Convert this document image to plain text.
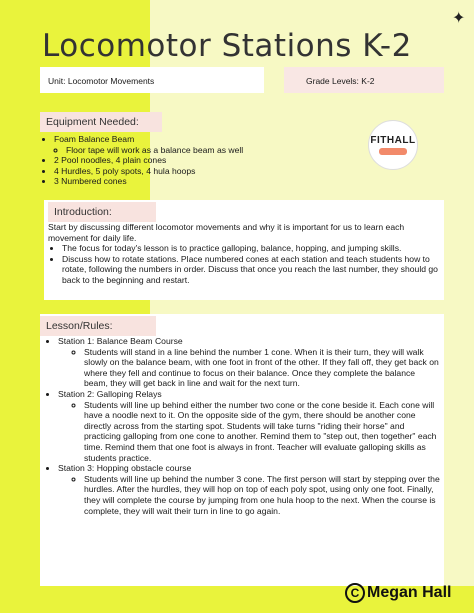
✦
Locomotor Stations K-2
Unit: Locomotor Movements	Grade Levels: K-2
Equipment Needed:
• Foam Balance Beam
◦ Floor tape will work as a balance beam as well
• 2 Pool noodles, 4 plain cones
• 4 Hurdles, 5 poly spots, 4 hula hoops
• 3 Numbered cones
FITHALL
Introduction:

Start by discussing different locomotor movements and why it is important for us to learn each movement for daily life.

• The focus for today's lesson is to practice galloping, balance, hopping, and jumping skills.
• Discuss how to rotate stations. Place numbered cones at each station and teach students how to rotate, following the numbers in order. Discuss that once you reach the last number, they should go back to the beginning and restart.
Lesson/Rules:
• Station 1: Balance Beam Course
◦ Students will stand in a line behind the number 1 cone. When it is their turn, they will walk slowly on the balance beam, with one foot in front of the other. If they fall off, they get back on where they fell and continue to focus on their balance. Once they complete the balance beam, they will get back in line and wait for the next turn.
• Station 2: Galloping Relays
◦ Students will line up behind either the number two cone or the cone beside it. Each cone will have a noodle next to it. On the opposite side of the gym, there should be another cone directly across from the starting spot. Students will take turns "riding their horse" and practicing galloping from one cone to another. Remind them to "step out, then together" each time. Remind them that one foot is always in front. Teacher will evaluate galloping skills as students practice.
• Station 3: Hopping obstacle course
◦ Students will line up behind the number 3 cone. The first person will start by stepping over the hurdles. After the hurdles, they will hop on top of each poly spot, using only one foot. Finally, they will complete the course by jumping from one hula hoop to the next. When the course is complete, they will wait their turn in line to go again.
C Megan Hall
